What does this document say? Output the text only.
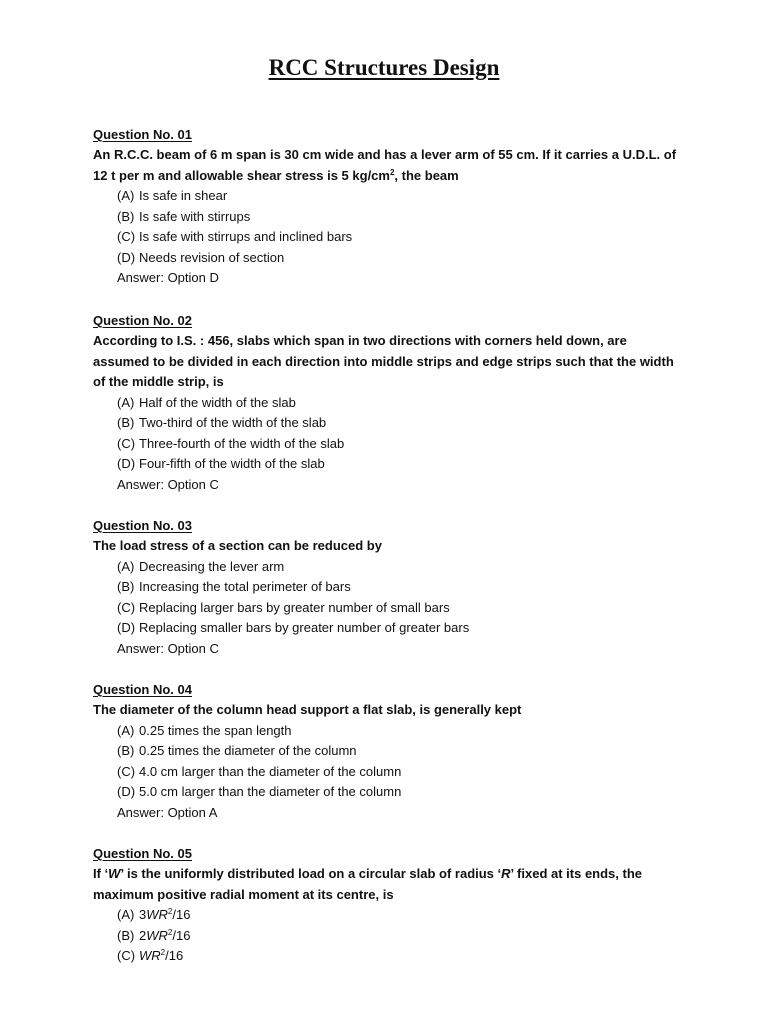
RCC Structures Design
Question No. 01
An R.C.C. beam of 6 m span is 30 cm wide and has a lever arm of 55 cm. If it carries a U.D.L. of 12 t per m and allowable shear stress is 5 $kg/cm^2$, the beam
(A) Is safe in shear
(B) Is safe with stirrups
(C) Is safe with stirrups and inclined bars
(D) Needs revision of section
Answer: Option D
Question No. 02
According to I.S. : 456, slabs which span in two directions with corners held down, are assumed to be divided in each direction into middle strips and edge strips such that the width of the middle strip, is
(A) Half of the width of the slab
(B) Two-third of the width of the slab
(C) Three-fourth of the width of the slab
(D) Four-fifth of the width of the slab
Answer: Option C
Question No. 03
The load stress of a section can be reduced by
(A) Decreasing the lever arm
(B) Increasing the total perimeter of bars
(C) Replacing larger bars by greater number of small bars
(D) Replacing smaller bars by greater number of greater bars
Answer: Option C
Question No. 04
The diameter of the column head support a flat slab, is generally kept
(A) 0.25 times the span length
(B) 0.25 times the diameter of the column
(C) 4.0 cm larger than the diameter of the column
(D) 5.0 cm larger than the diameter of the column
Answer: Option A
Question No. 05
If ‘W’ is the uniformly distributed load on a circular slab of radius ‘R’ fixed at its ends, the maximum positive radial moment at its centre, is
(A) $3WR^2/16$
(B) $2WR^2/16$
(C) $WR^2/16$
